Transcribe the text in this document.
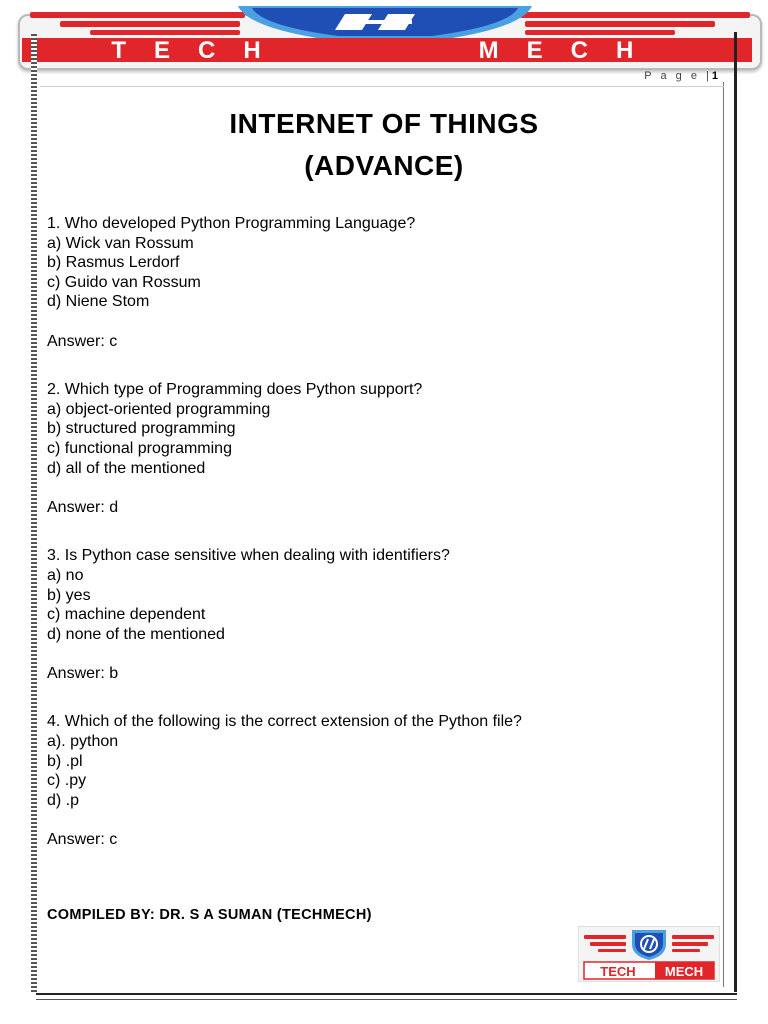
TECH	MECH
P a g e |1
INTERNET OF THINGS
(ADVANCE)
1. Who developed Python Programming Language?
a) Wick van Rossum
b) Rasmus Lerdorf
c) Guido van Rossum
d) Niene Stom
Answer: c
2. Which type of Programming does Python support?
a) object-oriented programming
b) structured programming
c) functional programming
d) all of the mentioned
Answer: d
3. Is Python case sensitive when dealing with identifiers?
a) no
b) yes
c) machine dependent
d) none of the mentioned
Answer: b
4. Which of the following is the correct extension of the Python file?
a). python
b) .pl
c) .py
d) .p
Answer: c
COMPILED BY: DR. S A SUMAN (TECHMECH)
TECH MECH
